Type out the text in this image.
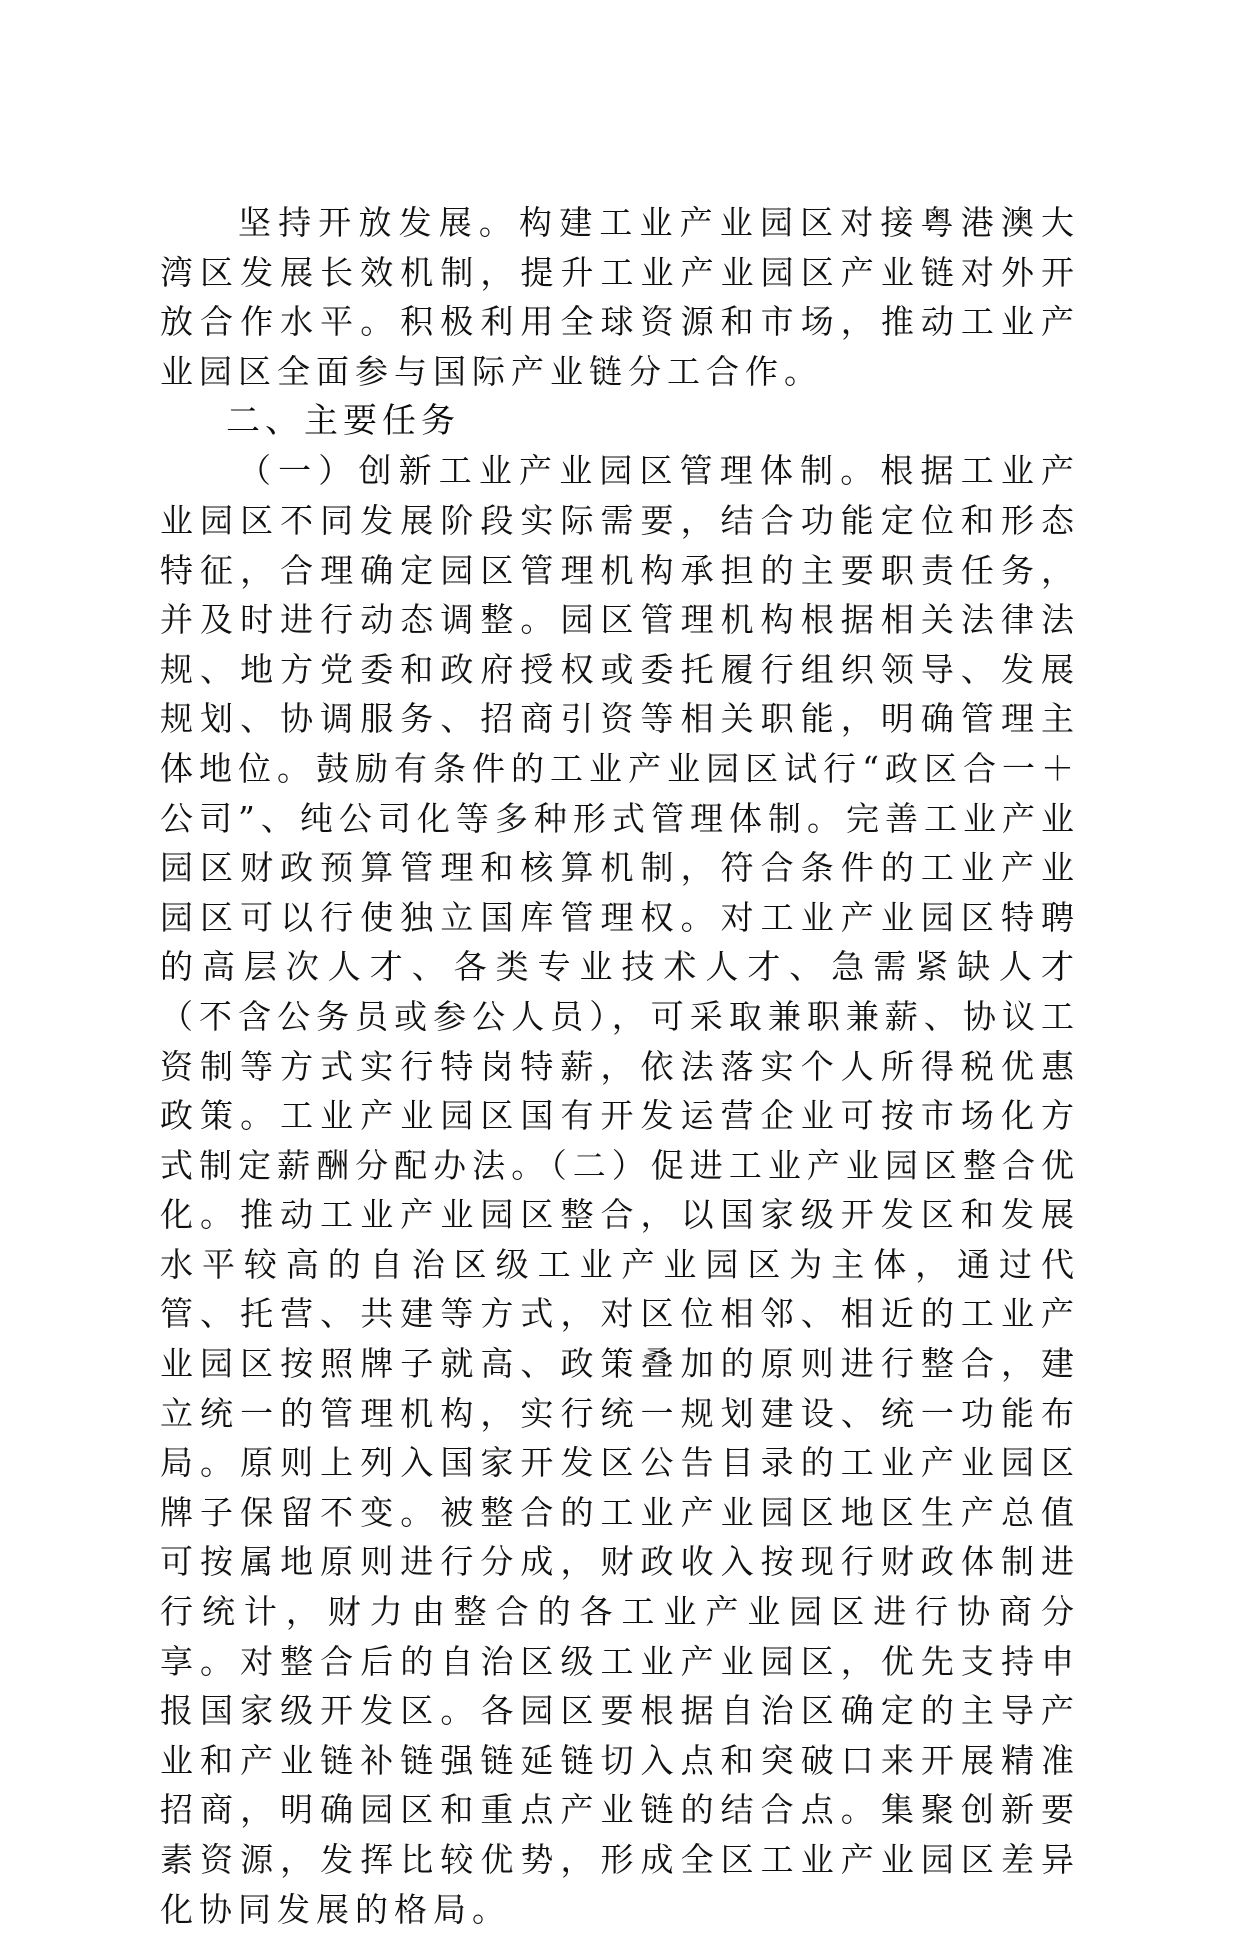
坚持开放发展。构建工业产业园区对接粤港澳大湾区发展长效机制，提升工业产业园区产业链对外开放合作水平。积极利用全球资源和市场，推动工业产业园区全面参与国际产业链分工合作。

二、主要任务

（一）创新工业产业园区管理体制。根据工业产业园区不同发展阶段实际需要，结合功能定位和形态特征，合理确定园区管理机构承担的主要职责任务，并及时进行动态调整。园区管理机构根据相关法律法规、地方党委和政府授权或委托履行组织领导、发展规划、协调服务、招商引资等相关职能，明确管理主体地位。鼓励有条件的工业产业园区试行“政区合一＋公司”、纯公司化等多种形式管理体制。完善工业产业园区财政预算管理和核算机制，符合条件的工业产业园区可以行使独立国库管理权。对工业产业园区特聘的高层次人才、各类专业技术人才、急需紧缺人才（不含公务员或参公人员），可采取兼职兼薪、协议工资制等方式实行特岗特薪，依法落实个人所得税优惠政策。工业产业园区国有开发运营企业可按市场化方式制定薪酬分配办法。（二）促进工业产业园区整合优化。推动工业产业园区整合，以国家级开发区和发展水平较高的自治区级工业产业园区为主体，通过代管、托营、共建等方式，对区位相邻、相近的工业产业园区按照牌子就高、政策叠加的原则进行整合，建立统一的管理机构，实行统一规划建设、统一功能布局。原则上列入国家开发区公告目录的工业产业园区牌子保留不变。被整合的工业产业园区地区生产总值可按属地原则进行分成，财政收入按现行财政体制进行统计，财力由整合的各工业产业园区进行协商分享。对整合后的自治区级工业产业园区，优先支持申报国家级开发区。各园区要根据自治区确定的主导产业和产业链补链强链延链切入点和突破口来开展精准招商，明确园区和重点产业链的结合点。集聚创新要素资源，发挥比较优势，形成全区工业产业园区差异化协同发展的格局。
